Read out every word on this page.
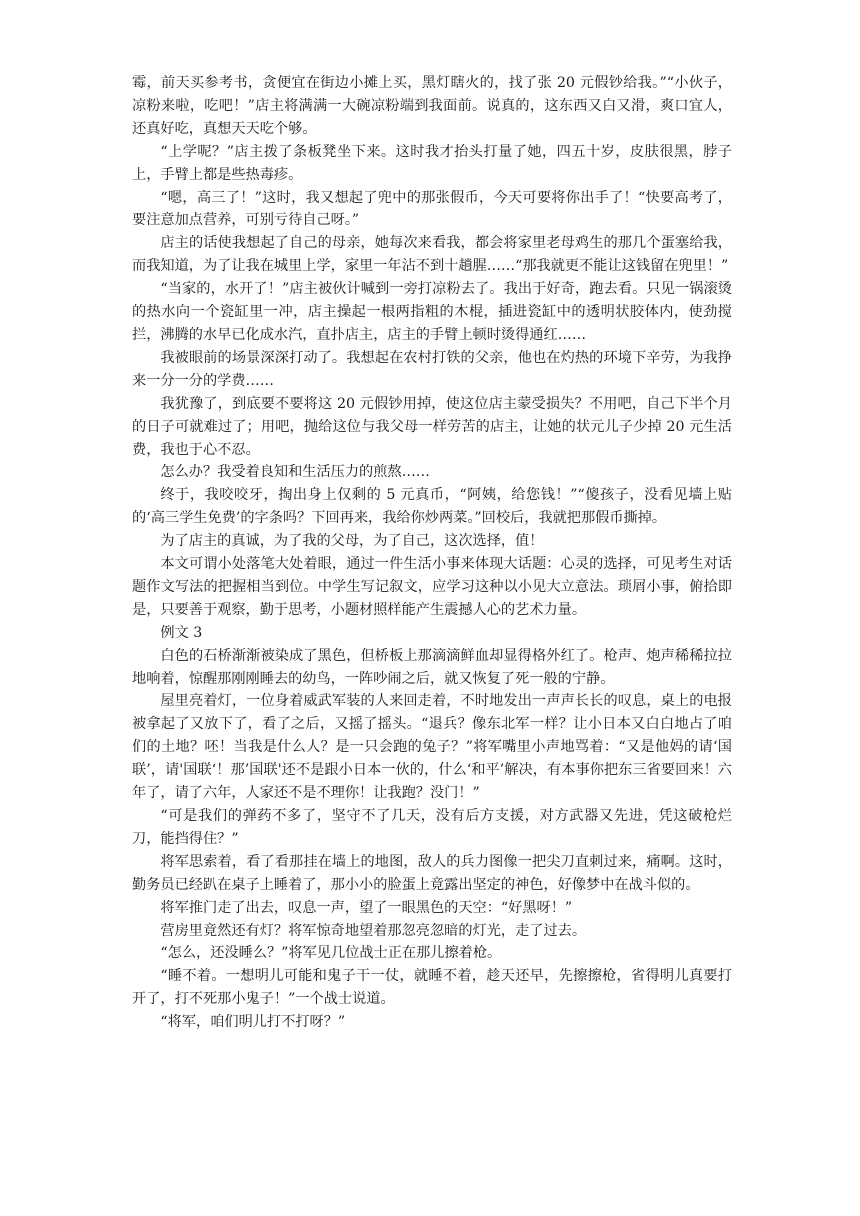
霉，前天买参考书，贪便宜在街边小摊上买，黑灯瞎火的，找了张 20 元假钞给我。”“小伙子，凉粉来啦，吃吧！”店主将满满一大碗凉粉端到我面前。说真的，这东西又白又滑，爽口宜人，还真好吃，真想天天吃个够。

“上学呢？”店主拨了条板凳坐下来。这时我才抬头打量了她，四五十岁，皮肤很黑，脖子上，手臂上都是些热毒疹。

“嗯，高三了！”这时，我又想起了兜中的那张假币，今天可要将你出手了！“快要高考了，要注意加点营养，可别亏待自己呀。”

店主的话使我想起了自己的母亲，她每次来看我，都会将家里老母鸡生的那几个蛋塞给我，而我知道，为了让我在城里上学，家里一年沾不到十趟腥……“那我就更不能让这钱留在兜里！”

“当家的，水开了！”店主被伙计喊到一旁打凉粉去了。我出于好奇，跑去看。只见一锅滚烫的热水向一个瓷缸里一冲，店主操起一根两指粗的木棍，插进瓷缸中的透明状胶体内，使劲搅拦，沸腾的水早已化成水汽，直扑店主，店主的手臂上顿时烫得通红……

我被眼前的场景深深打动了。我想起在农村打铁的父亲，他也在灼热的环境下辛劳，为我挣来一分一分的学费……

我犹豫了，到底要不要将这 20 元假钞用掉，使这位店主蒙受损失？不用吧，自己下半个月的日子可就难过了；用吧，抛给这位与我父母一样劳苦的店主，让她的状元儿子少掉 20 元生活费，我也于心不忍。

怎么办？我受着良知和生活压力的煎熬……

终于，我咬咬牙，掏出身上仅剩的 5 元真币，“阿姨，给您钱！”“傻孩子，没看见墙上贴的‘高三学生免费’的字条吗？下回再来，我给你炒两菜。”回校后，我就把那假币撕掉。

为了店主的真诚，为了我的父母，为了自己，这次选择，值！

本文可谓小处落笔大处着眼，通过一件生活小事来体现大话题：心灵的选择，可见考生对话题作文写法的把握相当到位。中学生写记叙文，应学习这种以小见大立意法。琐屑小事，俯拾即是，只要善于观察，勤于思考，小题材照样能产生震撼人心的艺术力量。

例文 3

白色的石桥渐渐被染成了黑色，但桥板上那滴滴鲜血却显得格外红了。枪声、炮声稀稀拉拉地响着，惊醒那刚刚睡去的幼鸟，一阵吵闹之后，就又恢复了死一般的宁静。

屋里亮着灯，一位身着威武军装的人来回走着，不时地发出一声声长长的叹息，桌上的电报被拿起了又放下了，看了之后，又摇了摇头。“退兵？像东北军一样？让小日本又白白地占了咱们的土地？呸！当我是什么人？是一只会跑的兔子？”将军嘴里小声地骂着：“又是他妈的请‘国联’，请'国联‘！那’国联'还不是跟小日本一伙的，什么‘和平’解决，有本事你把东三省要回来！六年了，请了六年，人家还不是不理你！让我跑？没门！”

“可是我们的弹药不多了，坚守不了几天，没有后方支援，对方武器又先进，凭这破枪烂刀，能挡得住？”

将军思索着，看了看那挂在墙上的地图，敌人的兵力图像一把尖刀直刺过来，痛啊。这时，勤务员已经趴在桌子上睡着了，那小小的脸蛋上竟露出坚定的神色，好像梦中在战斗似的。

将军推门走了出去，叹息一声，望了一眼黑色的天空：“好黑呀！”

营房里竟然还有灯？将军惊奇地望着那忽亮忽暗的灯光，走了过去。

“怎么，还没睡么？”将军见几位战士正在那儿擦着枪。

“睡不着。一想明儿可能和鬼子干一仗，就睡不着，趁天还早，先擦擦枪，省得明儿真要打开了，打不死那小鬼子！”一个战士说道。

“将军，咱们明儿打不打呀？”
